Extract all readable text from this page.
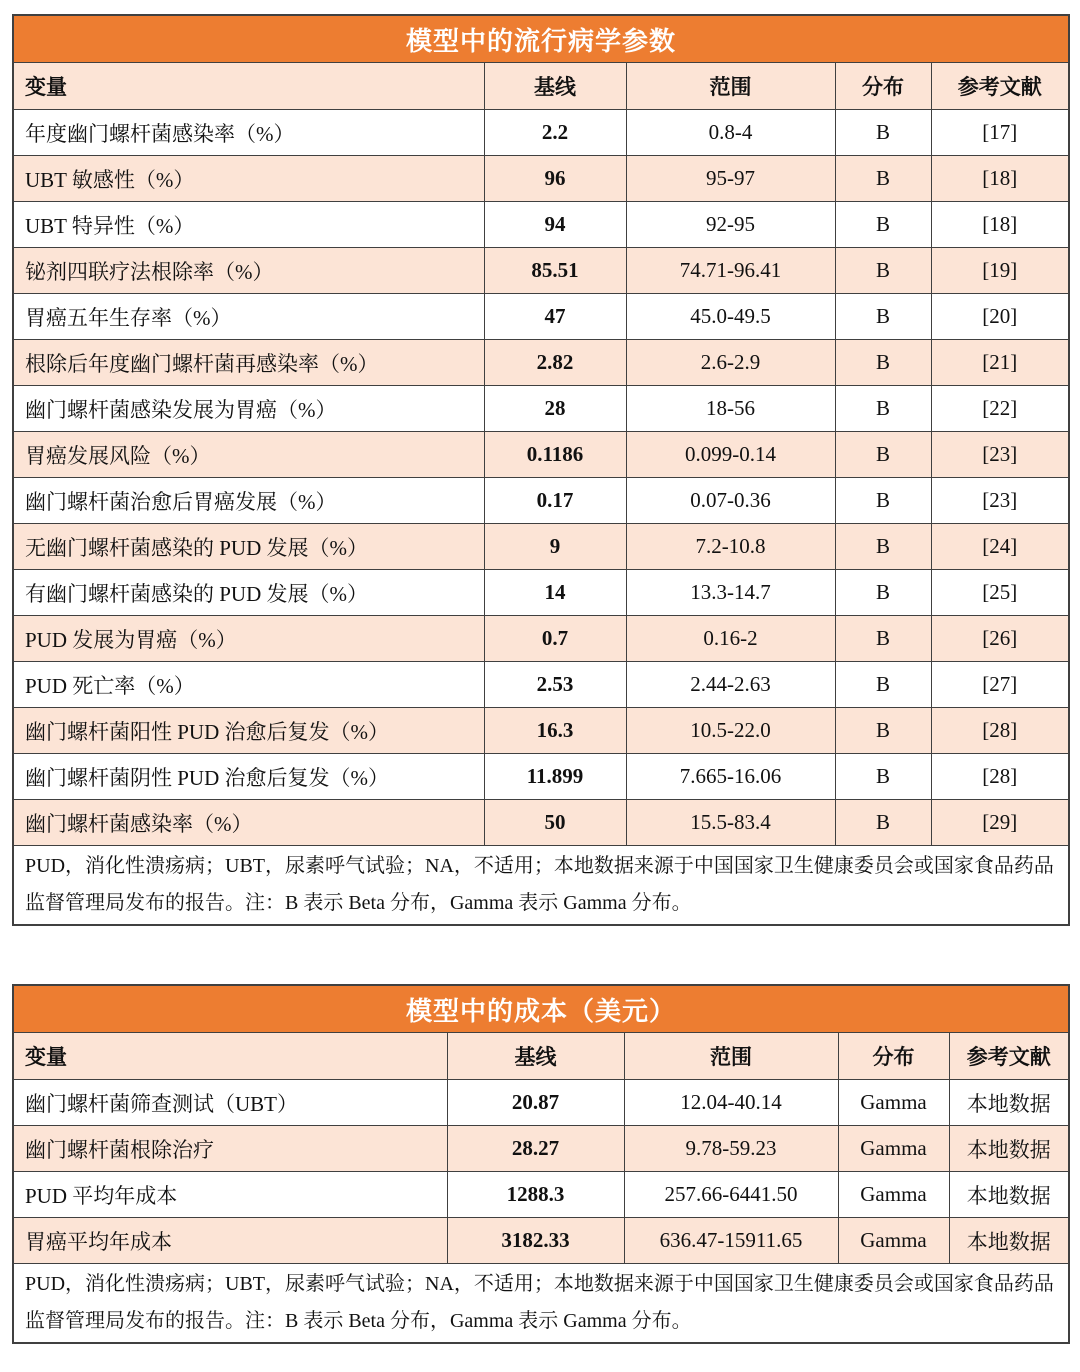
模型中的流行病学参数				
变量	基线	范围	分布	参考文献
年度幽门螺杆菌感染率（%）	2.2	0.8-4	B	[17]
UBT 敏感性（%）	96	95-97	B	[18]
UBT 特异性（%）	94	92-95	B	[18]
铋剂四联疗法根除率（%）	85.51	74.71-96.41	B	[19]
胃癌五年生存率（%）	47	45.0-49.5	B	[20]
根除后年度幽门螺杆菌再感染率（%）	2.82	2.6-2.9	B	[21]
幽门螺杆菌感染发展为胃癌（%）	28	18-56	B	[22]
胃癌发展风险（%）	0.1186	0.099-0.14	B	[23]
幽门螺杆菌治愈后胃癌发展（%）	0.17	0.07-0.36	B	[23]
无幽门螺杆菌感染的 PUD 发展（%）	9	7.2-10.8	B	[24]
有幽门螺杆菌感染的 PUD 发展（%）	14	13.3-14.7	B	[25]
PUD 发展为胃癌（%）	0.7	0.16-2	B	[26]
PUD 死亡率（%）	2.53	2.44-2.63	B	[27]
幽门螺杆菌阳性 PUD 治愈后复发（%）	16.3	10.5-22.0	B	[28]
幽门螺杆菌阴性 PUD 治愈后复发（%）	11.899	7.665-16.06	B	[28]
幽门螺杆菌感染率（%）	50	15.5-83.4	B	[29]
PUD，消化性溃疡病；UBT，尿素呼气试验；NA，不适用；本地数据来源于中国国家卫生健康委员会或国家食品药品监督管理局发布的报告。注：B 表示 Beta 分布，Gamma 表示 Gamma 分布。				
模型中的成本（美元）				
变量	基线	范围	分布	参考文献
幽门螺杆菌筛查测试（UBT）	20.87	12.04-40.14	Gamma	本地数据
幽门螺杆菌根除治疗	28.27	9.78-59.23	Gamma	本地数据
PUD 平均年成本	1288.3	257.66-6441.50	Gamma	本地数据
胃癌平均年成本	3182.33	636.47-15911.65	Gamma	本地数据
PUD，消化性溃疡病；UBT，尿素呼气试验；NA，不适用；本地数据来源于中国国家卫生健康委员会或国家食品药品监督管理局发布的报告。注：B 表示 Beta 分布，Gamma 表示 Gamma 分布。				
